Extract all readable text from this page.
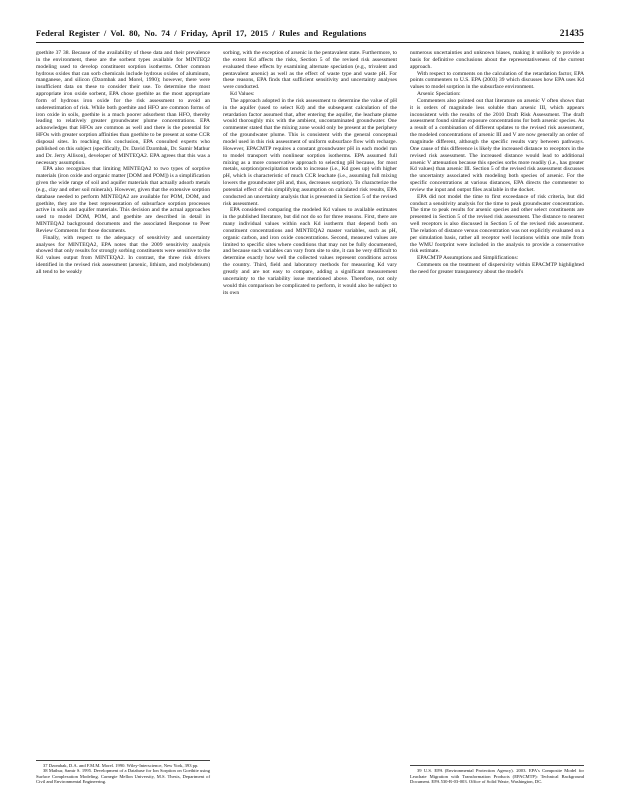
Federal Register / Vol. 80, No. 74 / Friday, April 17, 2015 / Rules and Regulations	21435

goethite 37 38. Because of the availability of these data and their prevalence in the environment, these are the sorbent types available for MINTEQ2 modeling used to develop constituent sorption isotherms. Other common hydrous oxides that can sorb chemicals include hydrous oxides of aluminum, manganese, and silicon (Dzombak and Morel, 1990); however, there were insufficient data on these to consider their use. To determine the most appropriate iron oxide sorbent, EPA chose goethite as the most appropriate form of hydrous iron oxide for the risk assessment to avoid an underestimation of risk. While both goethite and HFO are common forms of iron oxide in soils, goethite is a much poorer adsorbent than HFO, thereby leading to relatively greater groundwater plume concentrations. EPA acknowledges that HFOs are common as well and there is the potential for HFOs with greater sorption affinities than goethite to be present at some CCR disposal sites. In reaching this conclusion, EPA consulted experts who published on this subject (specifically, Dr. David Dzombak, Dr. Samir Mathur and Dr. Jerry Allison), developer of MINTEQA2. EPA agrees that this was a necessary assumption.

EPA also recognizes that limiting MINTEQA2 to two types of sorptive materials (iron oxide and organic matter [DOM and POM]) is a simplification given the wide range of soil and aquifer materials that actually adsorb metals (e.g., clay and other soil minerals). However, given that the extensive sorption database needed to perform MINTEQA2 are available for POM, DOM, and goethite, they are the best representation of subsurface sorption processes active in soils and aquifer materials. This decision and the actual approaches used to model DOM, POM, and goethite are described in detail in MINTEQA2 background documents and the associated Response to Peer Review Comments for those documents.

Finally, with respect to the adequacy of sensitivity and uncertainty analyses for MINTEQA2, EPA notes that the 2009 sensitivity analysis showed that only results for strongly sorbing constituents were sensitive to the Kd values output from MINTEQA2. In contrast, the three risk drivers identified in the revised risk assessment (arsenic, lithium, and molybdenum) all tend to be weakly

37 Dzombak, D.A. and F.M.M. Morel. 1990. Wiley-Interscience, New York, 393 pp.

38 Mathur, Samir S. 1995. Development of a Database for Ion Sorption on Goethite using Surface Complexation Modeling. Carnegie Mellon University, M.S. Thesis, Department of Civil and Environmental Engineering.

sorbing, with the exception of arsenic in the pentavalent state. Furthermore, to the extent Kd affects the risks, Section 5 of the revised risk assessment evaluated these effects by examining alternate speciation (e.g., trivalent and pentavalent arsenic) as well as the effect of waste type and waste pH. For these reasons, EPA finds that sufficient sensitivity and uncertainty analyses were conducted.

Kd Values:

The approach adopted in the risk assessment to determine the value of pH in the aquifer (used to select Kd) and the subsequent calculation of the retardation factor assumed that, after entering the aquifer, the leachate plume would thoroughly mix with the ambient, uncontaminated groundwater. One commenter stated that the mixing zone would only be present at the periphery of the groundwater plume. This is consistent with the general conceptual model used in this risk assessment of uniform subsurface flow with recharge. However, EPACMTP requires a constant groundwater pH in each model run to model transport with nonlinear sorption isotherms. EPA assumed full mixing as a more conservative approach to selecting pH because, for most metals, sorption/precipitation tends to increase (i.e., Kd goes up) with higher pH, which is characteristic of much CCR leachate (i.e., assuming full mixing lowers the groundwater pH and, thus, decreases sorption). To characterize the potential effect of this simplifying assumption on calculated risk results, EPA conducted an uncertainty analysis that is presented in Section 5 of the revised risk assessment.

EPA considered comparing the modeled Kd values to available estimates in the published literature, but did not do so for three reasons. First, there are many individual values within each Kd isotherm that depend both on constituent concentrations and MINTEQA2 master variables, such as pH, organic carbon, and iron oxide concentrations. Second, measured values are limited to specific sites where conditions that may not be fully documented, and because such variables can vary from site to site, it can be very difficult to determine exactly how well the collected values represent conditions across the country. Third, field and laboratory methods for measuring Kd vary greatly and are not easy to compare, adding a significant measurement uncertainty to the variability issue mentioned above. Therefore, not only would this comparison be complicated to perform, it would also be subject to its own

numerous uncertainties and unknown biases, making it unlikely to provide a basis for definitive conclusions about the representativeness of the current approach.

With respect to comments on the calculation of the retardation factor, EPA points commenters to U.S. EPA (2003) 39 which discusses how EPA uses Kd values to model sorption in the subsurface environment.

Arsenic Speciation:

Commenters also pointed out that literature on arsenic V often shows that it is orders of magnitude less soluble than arsenic III, which appears inconsistent with the results of the 2010 Draft Risk Assessment. The draft assessment found similar exposure concentrations for both arsenic species. As a result of a combination of different updates to the revised risk assessment, the modeled concentrations of arsenic III and V are now generally an order of magnitude different, although the specific results vary between pathways. One cause of this difference is likely the increased distance to receptors in the revised risk assessment. The increased distance would lead to additional arsenic V attenuation because this species sorbs more readily (i.e., has greater Kd values) than arsenic III. Section 5 of the revised risk assessment discusses the uncertainty associated with modeling both species of arsenic. For the specific concentrations at various distances, EPA directs the commenter to review the input and output files available in the docket.

EPA did not model the time to first exceedance of risk criteria, but did conduct a sensitivity analysis for the time to peak groundwater concentration. The time to peak results for arsenic species and other select constituents are presented in Section 5 of the revised risk assessment. The distance to nearest well receptors is also discussed in Section 5 of the revised risk assessment. The relation of distance versus concentration was not explicitly evaluated on a per simulation basis, rather all receptor well locations within one mile from the WMU footprint were included in the analysis to provide a conservative risk estimate.

EPACMTP Assumptions and Simplifications:

Comments on the treatment of dispersivity within EPACMTP highlighted the need for greater transparency about the model's

39 U.S. EPA (Environmental Protection Agency). 2003. EPA's Composite Model for Leachate Migration with Transformation Products (EPACMTP): Technical Background Document. EPA 530-R-03-003. Office of Solid Waste, Washington, DC.
